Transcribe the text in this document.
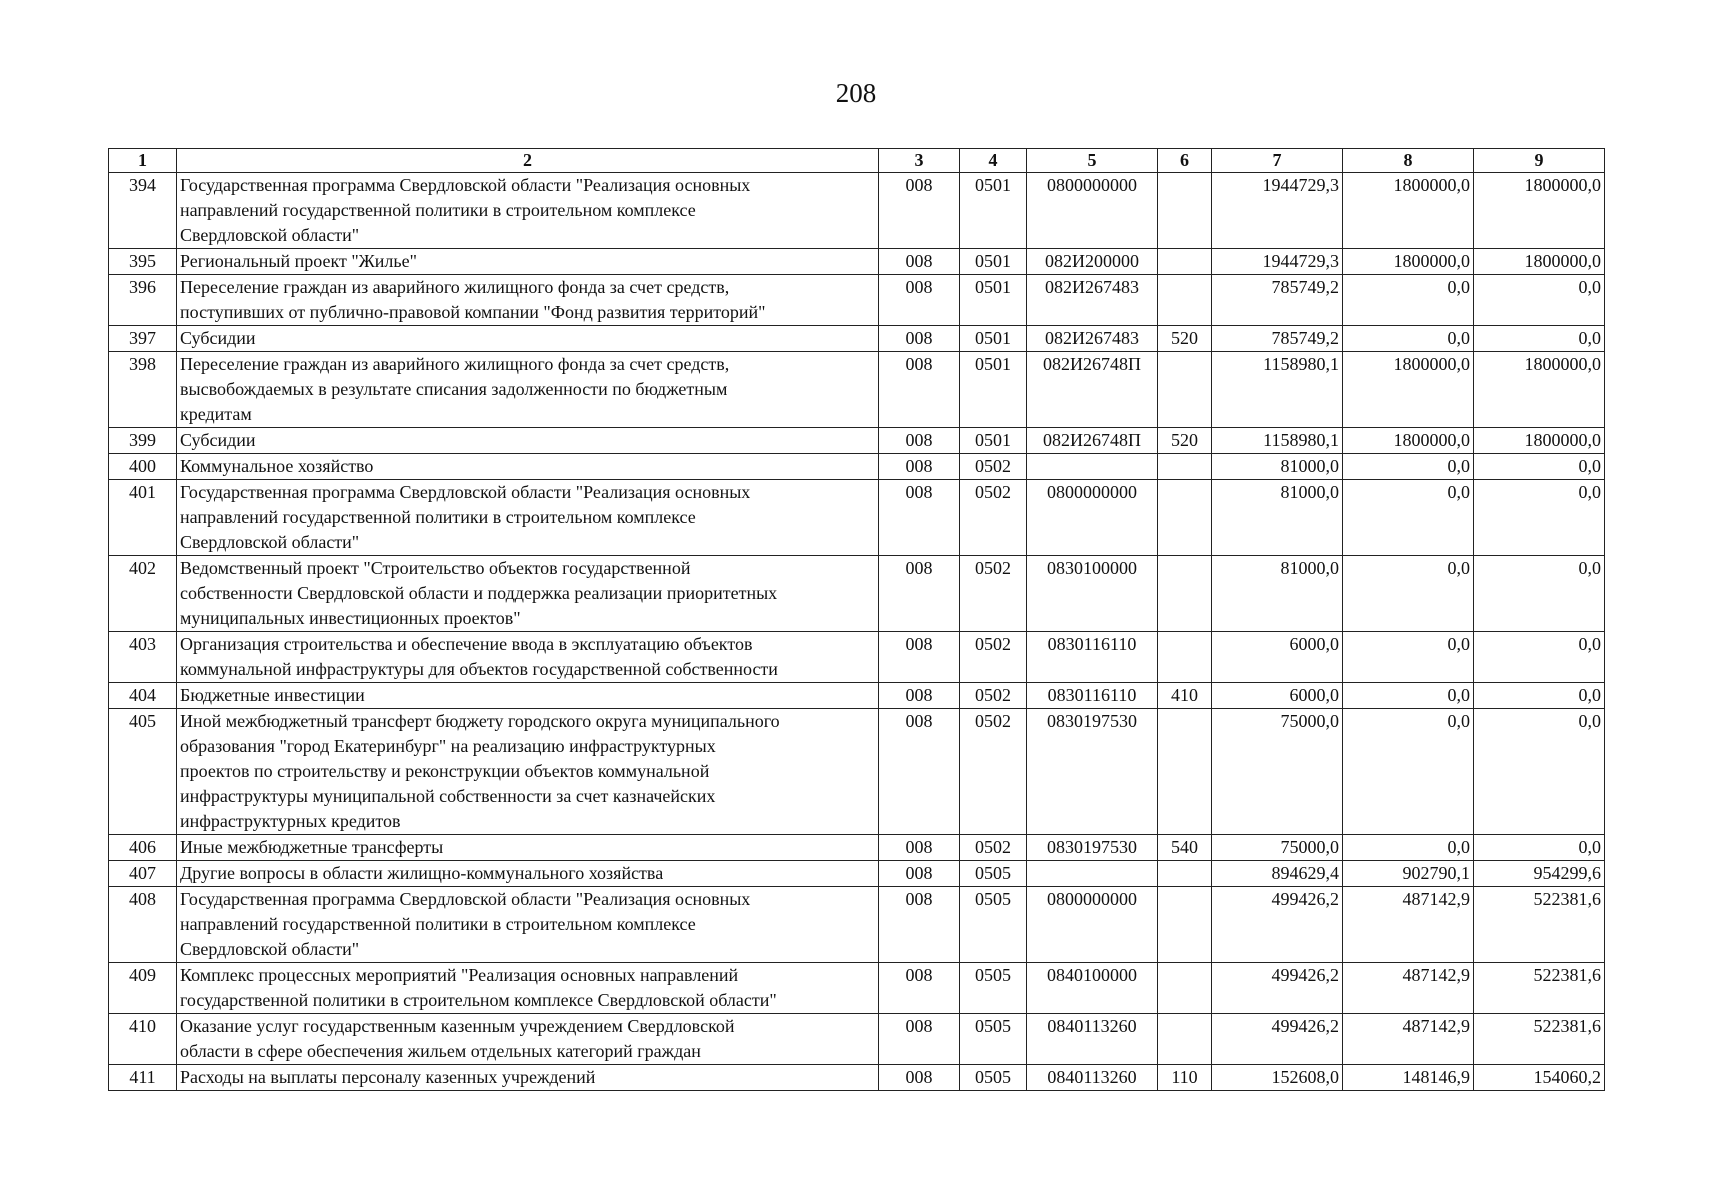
208
1	2	3	4	5	6	7	8	9
394	Государственная программа Свердловской области "Реализация основных
направлений государственной политики в строительном комплексе
Свердловской области"	008	0501	0800000000		1944729,3	1800000,0	1800000,0
395	Региональный проект "Жилье"	008	0501	082И200000		1944729,3	1800000,0	1800000,0
396	Переселение граждан из аварийного жилищного фонда за счет средств,
поступивших от публично-правовой компании "Фонд развития территорий"	008	0501	082И267483		785749,2	0,0	0,0
397	Субсидии	008	0501	082И267483	520	785749,2	0,0	0,0
398	Переселение граждан из аварийного жилищного фонда за счет средств,
высвобождаемых в результате списания задолженности по бюджетным
кредитам	008	0501	082И26748П		1158980,1	1800000,0	1800000,0
399	Субсидии	008	0501	082И26748П	520	1158980,1	1800000,0	1800000,0
400	Коммунальное хозяйство	008	0502			81000,0	0,0	0,0
401	Государственная программа Свердловской области "Реализация основных
направлений государственной политики в строительном комплексе
Свердловской области"	008	0502	0800000000		81000,0	0,0	0,0
402	Ведомственный проект "Строительство объектов государственной
собственности Свердловской области и поддержка реализации приоритетных
муниципальных инвестиционных проектов"	008	0502	0830100000		81000,0	0,0	0,0
403	Организация строительства и обеспечение ввода в эксплуатацию объектов
коммунальной инфраструктуры для объектов государственной собственности	008	0502	0830116110		6000,0	0,0	0,0
404	Бюджетные инвестиции	008	0502	0830116110	410	6000,0	0,0	0,0
405	Иной межбюджетный трансферт бюджету городского округа муниципального
образования "город Екатеринбург" на реализацию инфраструктурных
проектов по строительству и реконструкции объектов коммунальной
инфраструктуры муниципальной собственности за счет казначейских
инфраструктурных кредитов	008	0502	0830197530		75000,0	0,0	0,0
406	Иные межбюджетные трансферты	008	0502	0830197530	540	75000,0	0,0	0,0
407	Другие вопросы в области жилищно-коммунального хозяйства	008	0505			894629,4	902790,1	954299,6
408	Государственная программа Свердловской области "Реализация основных
направлений государственной политики в строительном комплексе
Свердловской области"	008	0505	0800000000		499426,2	487142,9	522381,6
409	Комплекс процессных мероприятий "Реализация основных направлений
государственной политики в строительном комплексе Свердловской области"	008	0505	0840100000		499426,2	487142,9	522381,6
410	Оказание услуг государственным казенным учреждением Свердловской
области в сфере обеспечения жильем отдельных категорий граждан	008	0505	0840113260		499426,2	487142,9	522381,6
411	Расходы на выплаты персоналу казенных учреждений	008	0505	0840113260	110	152608,0	148146,9	154060,2
